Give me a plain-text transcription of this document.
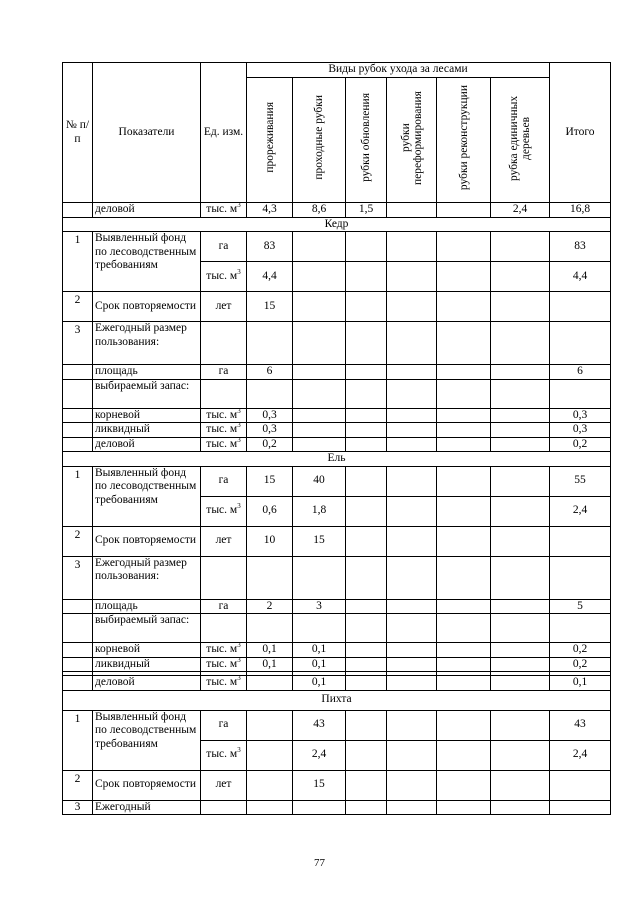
№ п/п	Показатели	Ед. изм.	Виды рубок ухода за лесами						Итого
			прореживания	проходные рубки	рубки обновления	рубки переформирования	рубки реконструкции	рубка единичных деревьев	
	деловой	тыс. $м^3$	4,3	8,6	1,5			2,4	16,8
Кедр									
1	Выявленный фонд по лесоводственным требованиям	га	83						83
		тыс. $м^3$	4,4						4,4
2	Срок повторяемости	лет	15						
3	Ежегодный размер пользования:								
	площадь	га	6						6
	выбираемый запас:								
	корневой	тыс. $м^3$	0,3						0,3
	ликвидный	тыс. $м^3$	0,3						0,3
	деловой	тыс. $м^3$	0,2						0,2
Ель									
1	Выявленный фонд по лесоводственным требованиям	га	15	40					55
		тыс. $м^3$	0,6	1,8					2,4
2	Срок повторяемости	лет	10	15					
3	Ежегодный размер пользования:								
	площадь	га	2	3					5
	выбираемый запас:								
	корневой	тыс. $м^3$	0,1	0,1					0,2
	ликвидный	тыс. $м^3$	0,1	0,1					0,2

	деловой	тыс. $м^3$		0,1					0,1
Пихта									
1	Выявленный фонд по лесоводственным требованиям	га		43					43
		тыс. $м^3$		2,4					2,4
2	Срок повторяемости	лет		15					
3	Ежегодный								
77
